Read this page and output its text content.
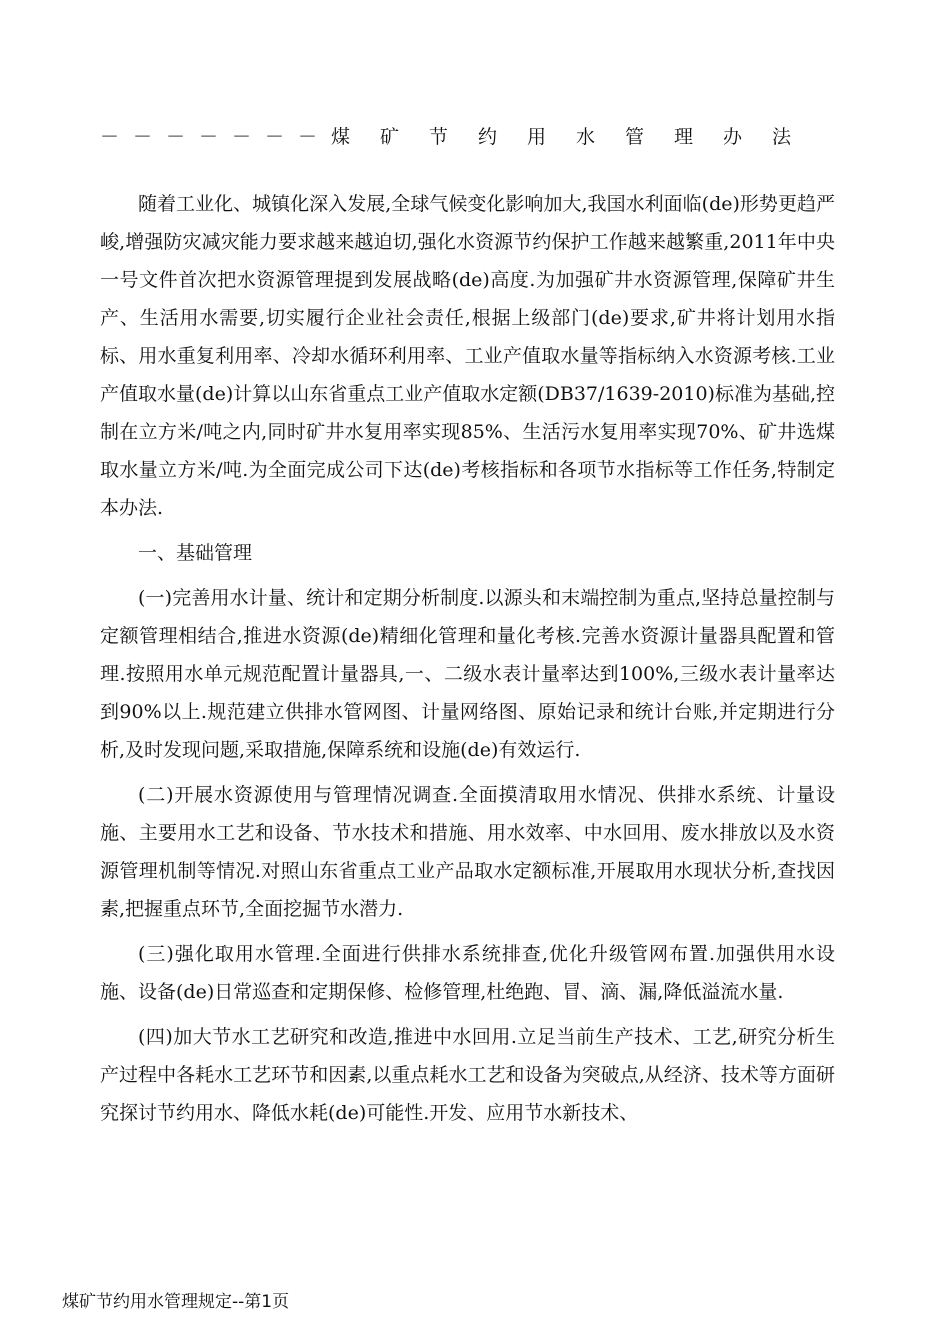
－－－－－－－煤矿节约用水管理办法

随着工业化、城镇化深入发展,全球气候变化影响加大,我国水利面临(de)形势更趋严峻,增强防灾减灾能力要求越来越迫切,强化水资源节约保护工作越来越繁重,2011年中央一号文件首次把水资源管理提到发展战略(de)高度.为加强矿井水资源管理,保障矿井生产、生活用水需要,切实履行企业社会责任,根据上级部门(de)要求,矿井将计划用水指标、用水重复利用率、冷却水循环利用率、工业产值取水量等指标纳入水资源考核.工业产值取水量(de)计算以山东省重点工业产值取水定额(DB37/1639-2010)标准为基础,控制在立方米/吨之内,同时矿井水复用率实现85%、生活污水复用率实现70%、矿井选煤取水量立方米/吨.为全面完成公司下达(de)考核指标和各项节水指标等工作任务,特制定本办法.

一、基础管理

(一)完善用水计量、统计和定期分析制度.以源头和末端控制为重点,坚持总量控制与定额管理相结合,推进水资源(de)精细化管理和量化考核.完善水资源计量器具配置和管理.按照用水单元规范配置计量器具,一、二级水表计量率达到100%,三级水表计量率达到90%以上.规范建立供排水管网图、计量网络图、原始记录和统计台账,并定期进行分析,及时发现问题,采取措施,保障系统和设施(de)有效运行.

(二)开展水资源使用与管理情况调查.全面摸清取用水情况、供排水系统、计量设施、主要用水工艺和设备、节水技术和措施、用水效率、中水回用、废水排放以及水资源管理机制等情况.对照山东省重点工业产品取水定额标准,开展取用水现状分析,查找因素,把握重点环节,全面挖掘节水潜力.

(三)强化取用水管理.全面进行供排水系统排查,优化升级管网布置.加强供用水设施、设备(de)日常巡查和定期保修、检修管理,杜绝跑、冒、滴、漏,降低溢流水量.

(四)加大节水工艺研究和改造,推进中水回用.立足当前生产技术、工艺,研究分析生产过程中各耗水工艺环节和因素,以重点耗水工艺和设备为突破点,从经济、技术等方面研究探讨节约用水、降低水耗(de)可能性.开发、应用节水新技术、

煤矿节约用水管理规定--第1页
